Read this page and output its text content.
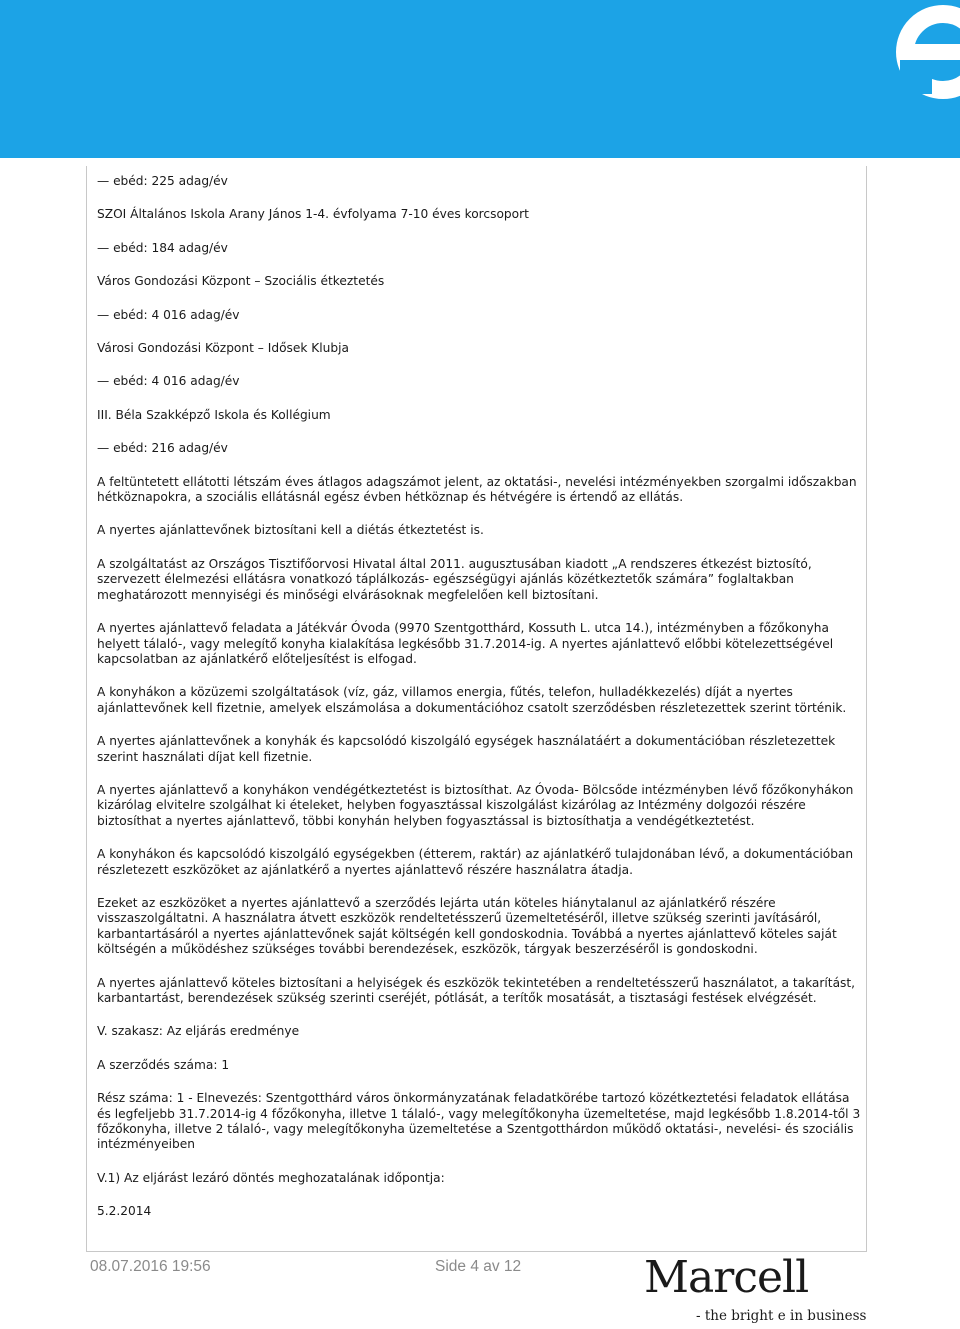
— ebéd: 225 adag/év

SZOI Általános Iskola Arany János 1-4. évfolyama 7-10 éves korcsoport

— ebéd: 184 adag/év

Város Gondozási Központ – Szociális étkeztetés

— ebéd: 4 016 adag/év

Városi Gondozási Központ – Idősek Klubja

— ebéd: 4 016 adag/év

III. Béla Szakképző Iskola és Kollégium

— ebéd: 216 adag/év

A feltüntetett ellátotti létszám éves átlagos adagszámot jelent, az oktatási-, nevelési intézményekben szorgalmi időszakban hétköznapokra, a szociális ellátásnál egész évben hétköznap és hétvégére is értendő az ellátás.

A nyertes ajánlattevőnek biztosítani kell a diétás étkeztetést is.

A szolgáltatást az Országos Tisztifőorvosi Hivatal által 2011. augusztusában kiadott „A rendszeres étkezést biztosító, szervezett élelmezési ellátásra vonatkozó táplálkozás- egészségügyi ajánlás közétkeztetők számára” foglaltakban meghatározott mennyiségi és minőségi elvárásoknak megfelelően kell biztosítani.

A nyertes ajánlattevő feladata a Játékvár Óvoda (9970 Szentgotthárd, Kossuth L. utca 14.), intézményben a főzőkonyha helyett tálaló-, vagy melegítő konyha kialakítása legkésőbb 31.7.2014-ig. A nyertes ajánlattevő előbbi kötelezettségével kapcsolatban az ajánlatkérő előteljesítést is elfogad.

A konyhákon a közüzemi szolgáltatások (víz, gáz, villamos energia, fűtés, telefon, hulladékkezelés) díját a nyertes ajánlattevőnek kell fizetnie, amelyek elszámolása a dokumentációhoz csatolt szerződésben részletezettek szerint történik.

A nyertes ajánlattevőnek a konyhák és kapcsolódó kiszolgáló egységek használatáért a dokumentációban részletezettek szerint használati díjat kell fizetnie.

A nyertes ajánlattevő a konyhákon vendégétkeztetést is biztosíthat. Az Óvoda- Bölcsőde intézményben lévő főzőkonyhákon kizárólag elvitelre szolgálhat ki ételeket, helyben fogyasztással kiszolgálást kizárólag az Intézmény dolgozói részére biztosíthat a nyertes ajánlattevő, többi konyhán helyben fogyasztással is biztosíthatja a vendégétkeztetést.

A konyhákon és kapcsolódó kiszolgáló egységekben (étterem, raktár) az ajánlatkérő tulajdonában lévő, a dokumentációban részletezett eszközöket az ajánlatkérő a nyertes ajánlattevő részére használatra átadja.

Ezeket az eszközöket a nyertes ajánlattevő a szerződés lejárta után köteles hiánytalanul az ajánlatkérő részére visszaszolgáltatni. A használatra átvett eszközök rendeltetésszerű üzemeltetéséről, illetve szükség szerinti javításáról, karbantartásáról a nyertes ajánlattevőnek saját költségén kell gondoskodnia. Továbbá a nyertes ajánlattevő köteles saját költségén a működéshez szükséges további berendezések, eszközök, tárgyak beszerzéséről is gondoskodni.

A nyertes ajánlattevő köteles biztosítani a helyiségek és eszközök tekintetében a rendeltetésszerű használatot, a takarítást, karbantartást, berendezések szükség szerinti cseréjét, pótlását, a terítők mosatását, a tisztasági festések elvégzését.

V. szakasz: Az eljárás eredménye

A szerződés száma: 1

Rész száma: 1 - Elnevezés: Szentgotthárd város önkormányzatának feladatkörébe tartozó közétkeztetési feladatok ellátása és legfeljebb 31.7.2014-ig 4 főzőkonyha, illetve 1 tálaló-, vagy melegítőkonyha üzemeltetése, majd legkésőbb 1.8.2014-től 3 főzőkonyha, illetve 2 tálaló-, vagy melegítőkonyha üzemeltetése a Szentgotthárdon működő oktatási-, nevelési- és szociális intézményeiben

V.1) Az eljárást lezáró döntés meghozatalának időpontja:

5.2.2014

08.07.2016 19:56	Side 4 av 12	Marcell
- the bright e in business
